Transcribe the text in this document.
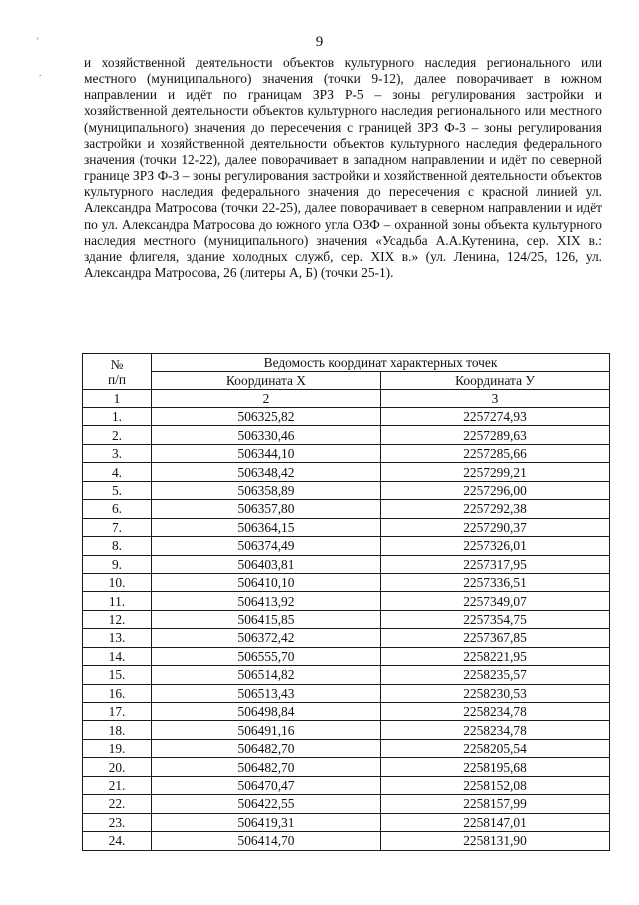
9
'
.

и хозяйственной деятельности объектов культурного наследия регионального или местного (муниципального) значения (точки 9-12), далее поворачивает в южном направлении и идёт по границам ЗРЗ Р-5 – зоны регулирования застройки и хозяйственной деятельности объектов культурного наследия регионального или местного (муниципального) значения до пересечения с границей ЗРЗ Ф-3 – зоны регулирования застройки и хозяйственной деятельности объектов культурного наследия федерального значения (точки 12-22), далее поворачивает в западном направлении и идёт по северной границе ЗРЗ Ф-3 – зоны регулирования застройки и хозяйственной деятельности объектов культурного наследия федерального значения до пересечения с красной линией ул. Александра Матросова (точки 22-25), далее поворачивает в северном направлении и идёт по ул. Александра Матросова до южного угла ОЗФ – охранной зоны объекта культурного наследия местного (муниципального) значения «Усадьба А.А.Кутенина, сер. XIX в.: здание флигеля, здание холодных служб, сер. XIX в.» (ул. Ленина, 124/25, 126, ул. Александра Матросова, 26 (литеры А, Б) (точки 25-1).

№
п/п	Ведомость координат характерных точек	
	Координата Х	Координата У
1	2	3
1.	506325,82	2257274,93
2.	506330,46	2257289,63
3.	506344,10	2257285,66
4.	506348,42	2257299,21
5.	506358,89	2257296,00
6.	506357,80	2257292,38
7.	506364,15	2257290,37
8.	506374,49	2257326,01
9.	506403,81	2257317,95
10.	506410,10	2257336,51
11.	506413,92	2257349,07
12.	506415,85	2257354,75
13.	506372,42	2257367,85
14.	506555,70	2258221,95
15.	506514,82	2258235,57
16.	506513,43	2258230,53
17.	506498,84	2258234,78
18.	506491,16	2258234,78
19.	506482,70	2258205,54
20.	506482,70	2258195,68
21.	506470,47	2258152,08
22.	506422,55	2258157,99
23.	506419,31	2258147,01
24.	506414,70	2258131,90
